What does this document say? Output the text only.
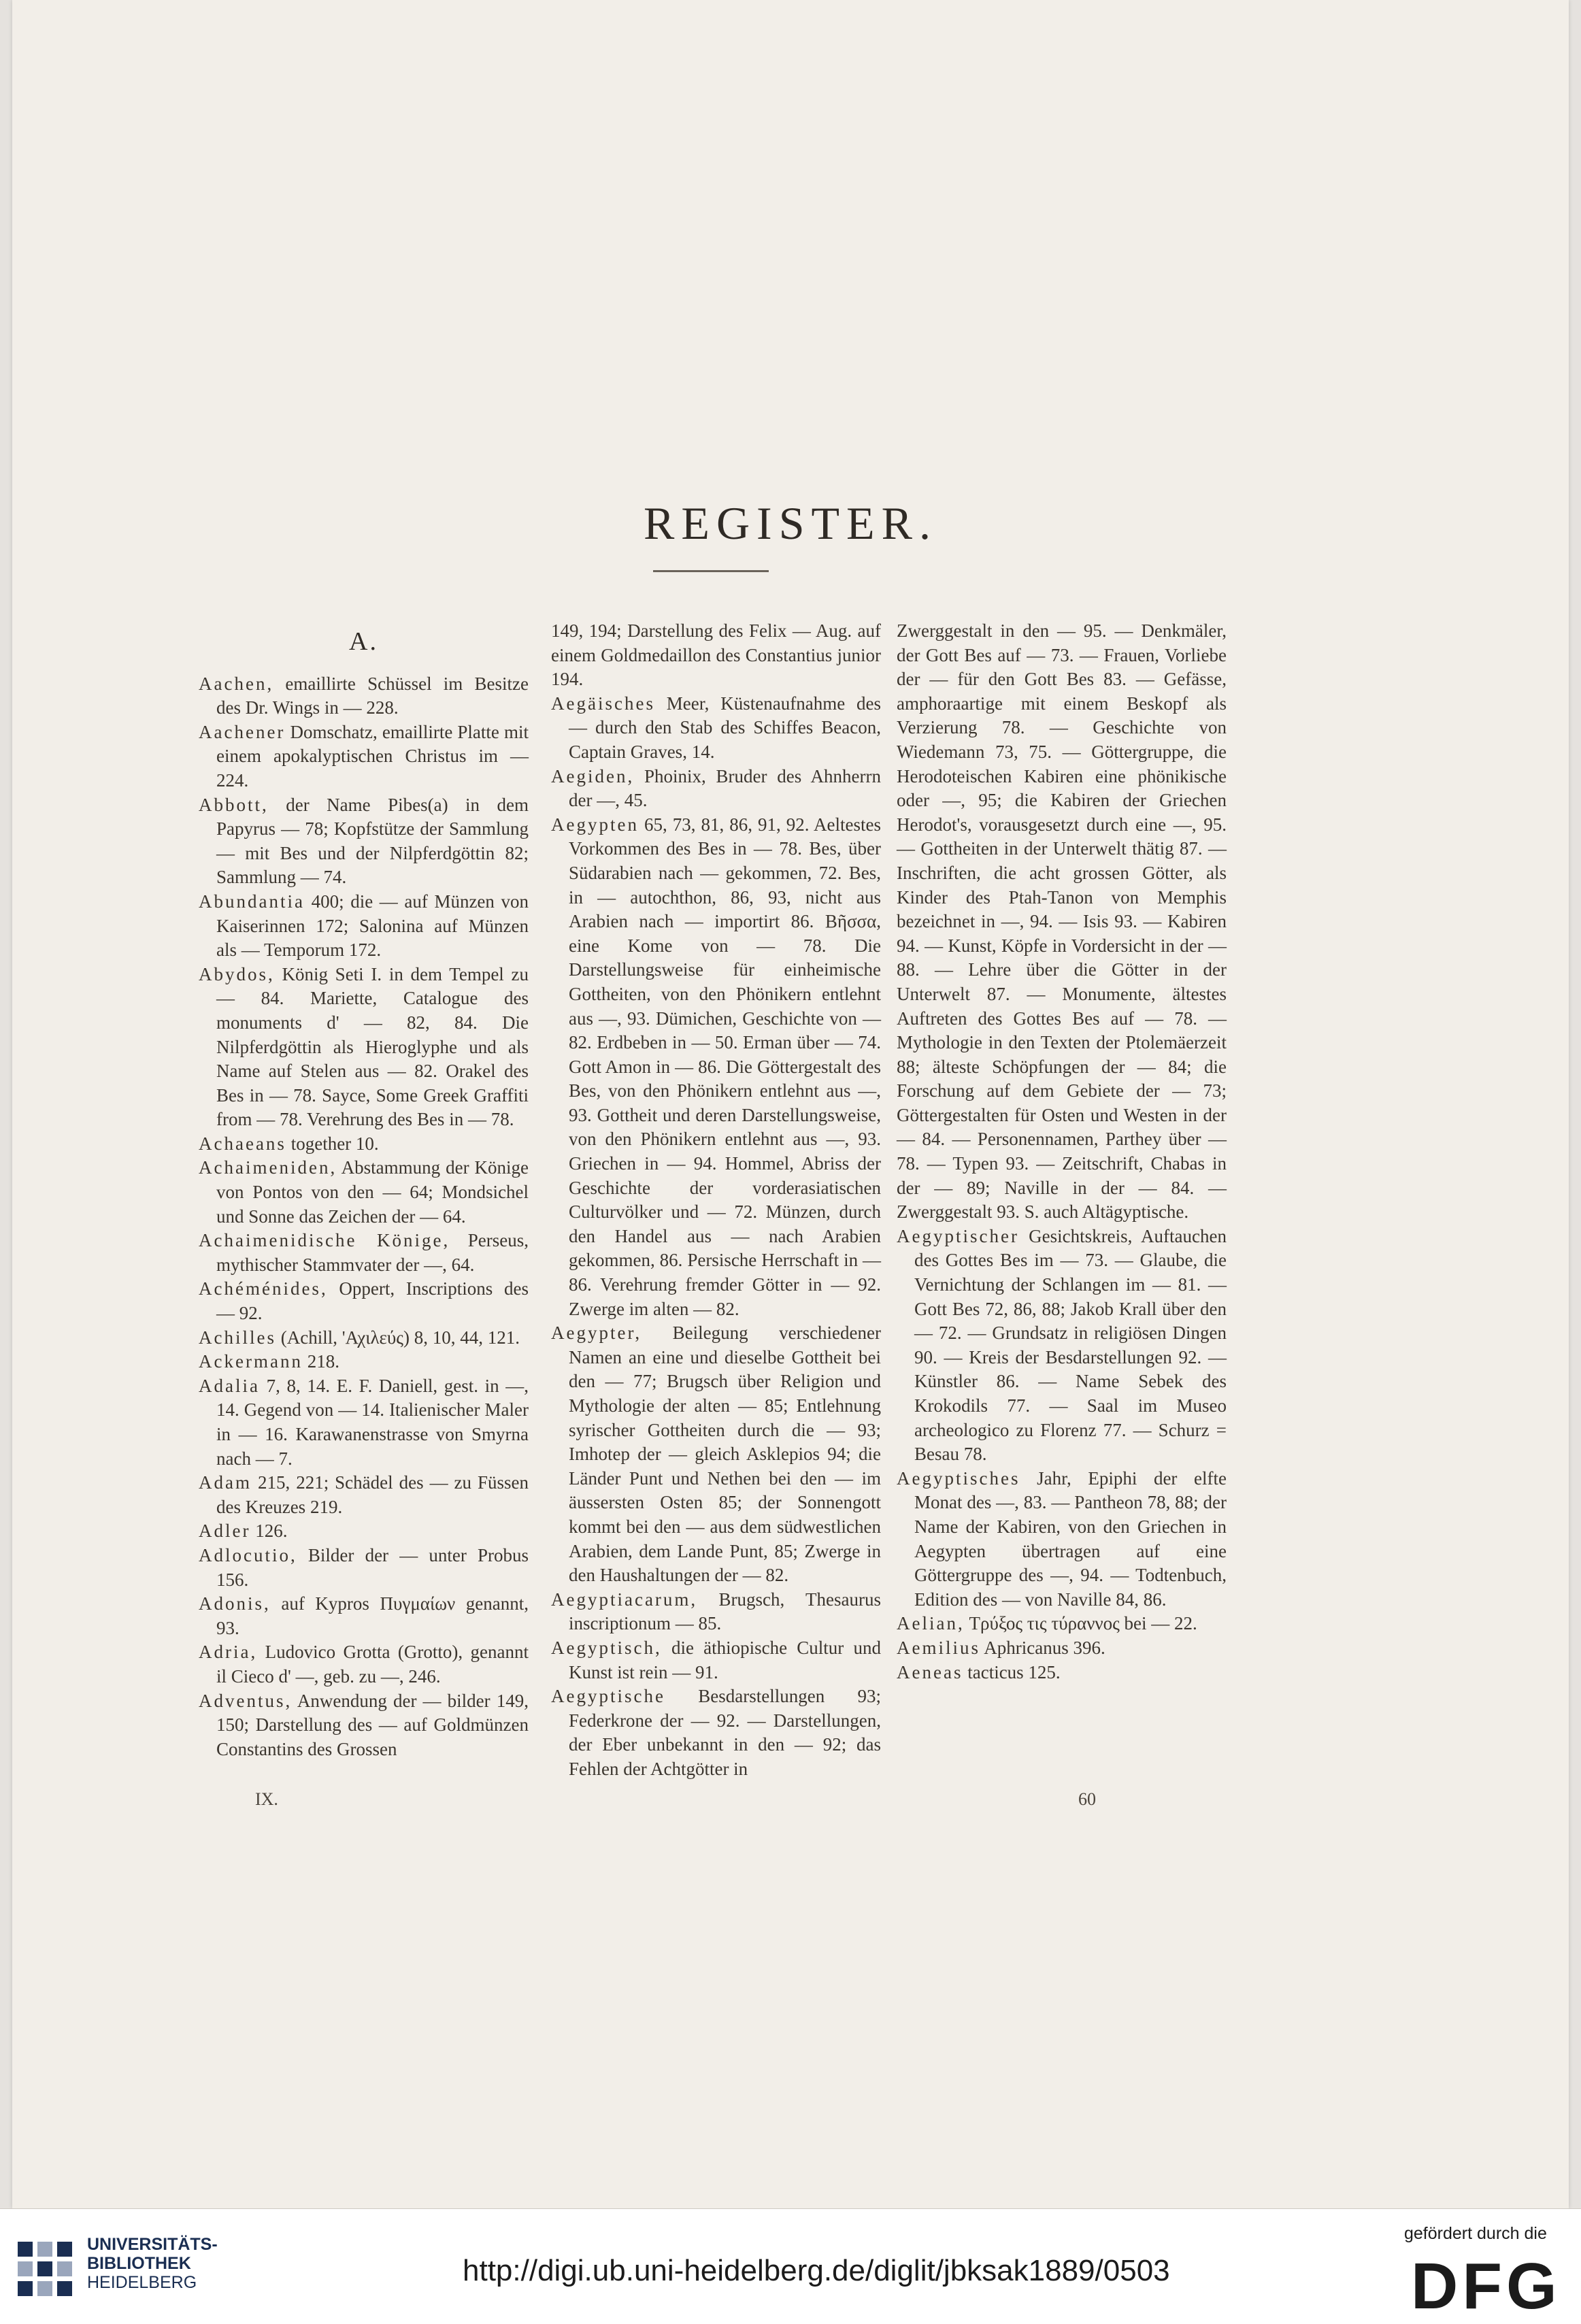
REGISTER.
A.

Aachen, emaillirte Schüssel im Besitze des Dr. Wings in — 228.

Aachener Domschatz, emaillirte Platte mit einem apokalyptischen Christus im — 224.

Abbott, der Name Pibes(a) in dem Papyrus — 78; Kopfstütze der Sammlung — mit Bes und der Nilpferdgöttin 82; Sammlung — 74.

Abundantia 400; die — auf Münzen von Kaiserinnen 172; Salonina auf Münzen als — Temporum 172.

Abydos, König Seti I. in dem Tempel zu — 84. Mariette, Catalogue des monuments d' — 82, 84. Die Nilpferdgöttin als Hieroglyphe und als Name auf Stelen aus — 82. Orakel des Bes in — 78. Sayce, Some Greek Graffiti from — 78. Verehrung des Bes in — 78.

Achaeans together 10.

Achaimeniden, Abstammung der Könige von Pontos von den — 64; Mondsichel und Sonne das Zeichen der — 64.

Achaimenidische Könige, Perseus, mythischer Stammvater der —, 64.

Achéménides, Oppert, Inscriptions des — 92.

Achilles (Achill, 'Αχιλεύς) 8, 10, 44, 121.

Ackermann 218.

Adalia 7, 8, 14. E. F. Daniell, gest. in —, 14. Gegend von — 14. Italienischer Maler in — 16. Karawanenstrasse von Smyrna nach — 7.

Adam 215, 221; Schädel des — zu Füssen des Kreuzes 219.

Adler 126.

Adlocutio, Bilder der — unter Probus 156.

Adonis, auf Kypros Πυγμαίων genannt, 93.

Adria, Ludovico Grotta (Grotto), genannt il Cieco d' —, geb. zu —, 246.

Adventus, Anwendung der — bilder 149, 150; Darstellung des — auf Goldmünzen Constantins des Grossen

149, 194; Darstellung des Felix — Aug. auf einem Goldmedaillon des Constantius junior 194.

Aegäisches Meer, Küstenaufnahme des — durch den Stab des Schiffes Beacon, Captain Graves, 14.

Aegiden, Phoinix, Bruder des Ahnherrn der —, 45.

Aegypten 65, 73, 81, 86, 91, 92. Aeltestes Vorkommen des Bes in — 78. Bes, über Südarabien nach — gekommen, 72. Bes, in — autochthon, 86, 93, nicht aus Arabien nach — importirt 86. Βῆσσα, eine Kome von — 78. Die Darstellungsweise für einheimische Gottheiten, von den Phönikern entlehnt aus —, 93. Dümichen, Geschichte von — 82. Erdbeben in — 50. Erman über — 74. Gott Amon in — 86. Die Göttergestalt des Bes, von den Phönikern entlehnt aus —, 93. Gottheit und deren Darstellungsweise, von den Phönikern entlehnt aus —, 93. Griechen in — 94. Hommel, Abriss der Geschichte der vorderasiatischen Culturvölker und — 72. Münzen, durch den Handel aus — nach Arabien gekommen, 86. Persische Herrschaft in — 86. Verehrung fremder Götter in — 92. Zwerge im alten — 82.

Aegypter, Beilegung verschiedener Namen an eine und dieselbe Gottheit bei den — 77; Brugsch über Religion und Mythologie der alten — 85; Entlehnung syrischer Gottheiten durch die — 93; Imhotep der — gleich Asklepios 94; die Länder Punt und Nethen bei den — im äussersten Osten 85; der Sonnengott kommt bei den — aus dem südwestlichen Arabien, dem Lande Punt, 85; Zwerge in den Haushaltungen der — 82.

Aegyptiacarum, Brugsch, Thesaurus inscriptionum — 85.

Aegyptisch, die äthiopische Cultur und Kunst ist rein — 91.

Aegyptische Besdarstellungen 93; Federkrone der — 92. — Darstellungen, der Eber unbekannt in den — 92; das Fehlen der Achtgötter in

Zwerggestalt in den — 95. — Denkmäler, der Gott Bes auf — 73. — Frauen, Vorliebe der — für den Gott Bes 83. — Gefässe, amphoraartige mit einem Beskopf als Verzierung 78. — Geschichte von Wiedemann 73, 75. — Göttergruppe, die Herodoteischen Kabiren eine phönikische oder —, 95; die Kabiren der Griechen Herodot's, vorausgesetzt durch eine —, 95. — Gottheiten in der Unterwelt thätig 87. — Inschriften, die acht grossen Götter, als Kinder des Ptah-Tanon von Memphis bezeichnet in —, 94. — Isis 93. — Kabiren 94. — Kunst, Köpfe in Vordersicht in der — 88. — Lehre über die Götter in der Unterwelt 87. — Monumente, ältestes Auftreten des Gottes Bes auf — 78. — Mythologie in den Texten der Ptolemäerzeit 88; älteste Schöpfungen der — 84; die Forschung auf dem Gebiete der — 73; Göttergestalten für Osten und Westen in der — 84. — Personennamen, Parthey über — 78. — Typen 93. — Zeitschrift, Chabas in der — 89; Naville in der — 84. — Zwerggestalt 93. S. auch Altägyptische.

Aegyptischer Gesichtskreis, Auftauchen des Gottes Bes im — 73. — Glaube, die Vernichtung der Schlangen im — 81. — Gott Bes 72, 86, 88; Jakob Krall über den — 72. — Grundsatz in religiösen Dingen 90. — Kreis der Besdarstellungen 92. — Künstler 86. — Name Sebek des Krokodils 77. — Saal im Museo archeologico zu Florenz 77. — Schurz = Besau 78.

Aegyptisches Jahr, Epiphi der elfte Monat des —, 83. — Pantheon 78, 88; der Name der Kabiren, von den Griechen in Aegypten übertragen auf eine Göttergruppe des —, 94. — Todtenbuch, Edition des — von Naville 84, 86.

Aelian, Τρύξος τις τύραννος bei — 22.

Aemilius Aphricanus 396.

Aeneas tacticus 125.

IX.	60
UNIVERSITÄTS-
BIBLIOTHEK
HEIDELBERG	http://digi.ub.uni-heidelberg.de/diglit/jbksak1889/0503
gefördert durch die
DFG
